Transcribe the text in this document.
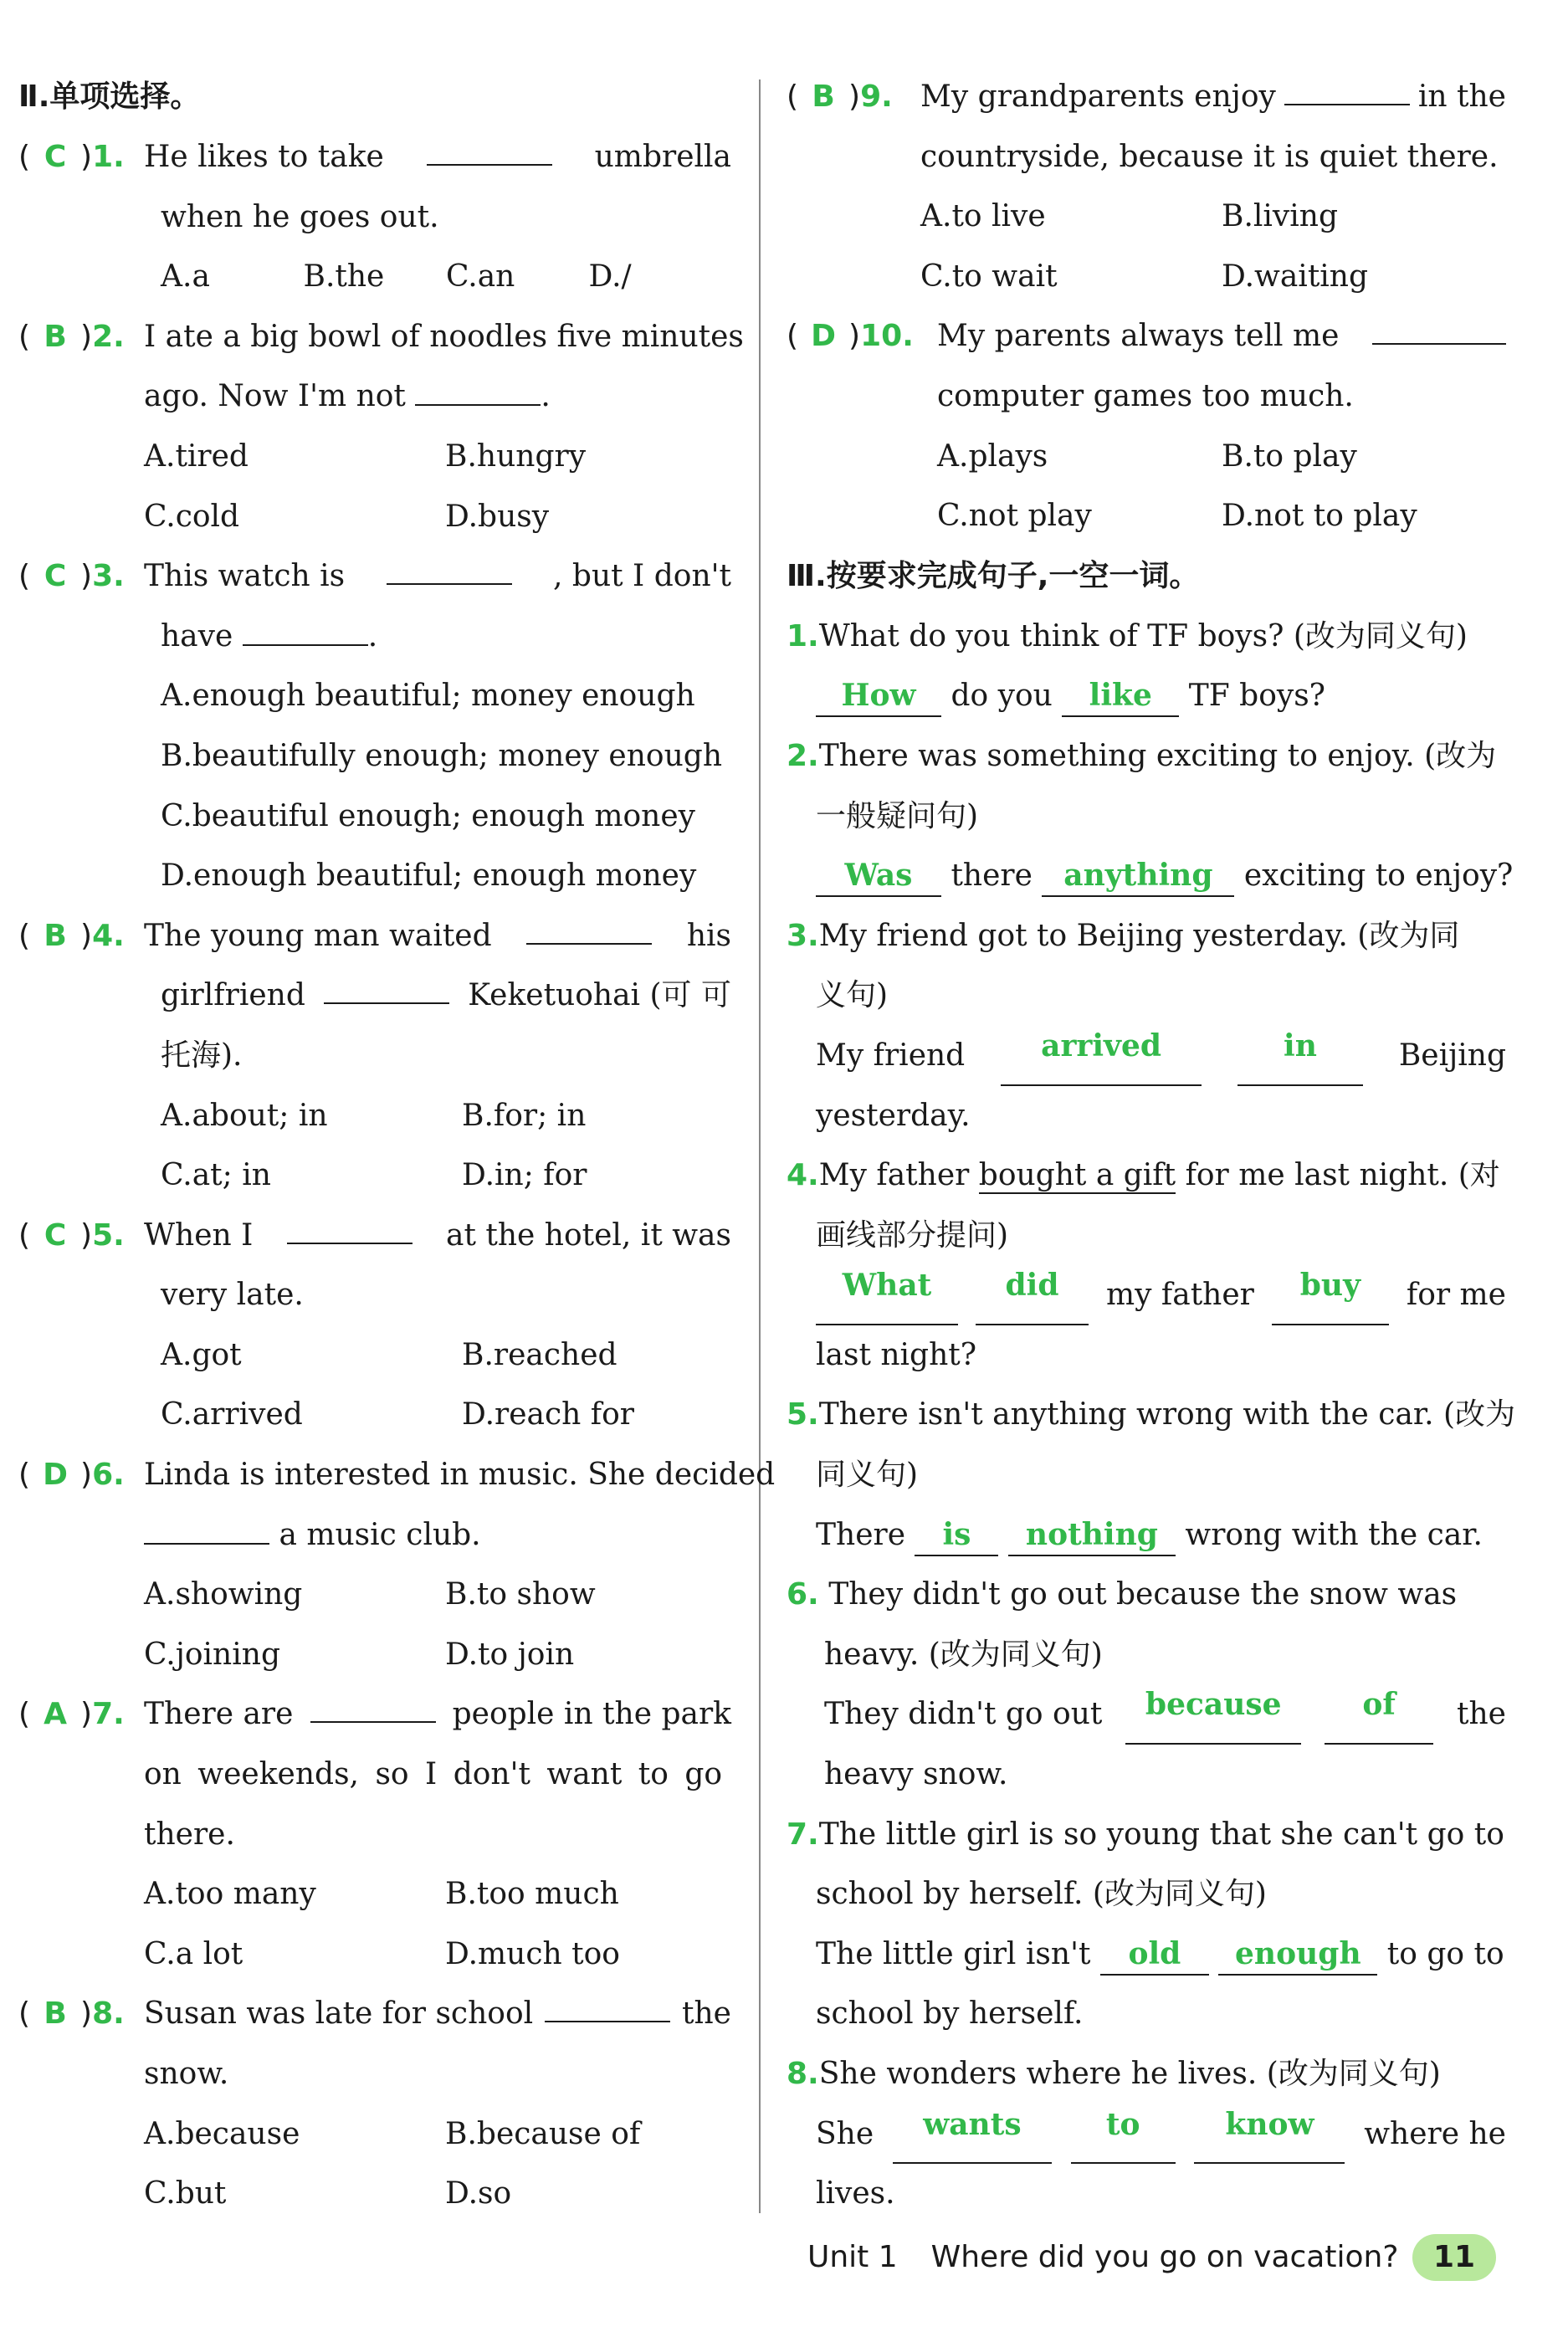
Ⅱ.单项选择。
( C )1. He likes to take	umbrella
when he goes out.
A.a	B.the	C.an	D./
( B )2. I ate a big bowl of noodles five minutes
ago. Now I'm not	.
A.tired	B.hungry
C.cold	D.busy
( C )3. This watch is	, but I don't
have	.
A.enough beautiful; money enough
B.beautifully enough; money enough
C.beautiful enough; enough money
D.enough beautiful; enough money
( B )4. The young man waited	his
girlfriend	Keketuohai (可 可
托海).
A.about; in	B.for; in
C.at; in	D.in; for
( C )5. When I	at the hotel, it was
very late.
A.got	B.reached
C.arrived	D.reach for
( D )6. Linda is interested in music. She decided
a music club.
A.showing	B.to show
C.joining	D.to join
( A )7. There are	people in the park
on weekends, so I don't want to go
there.
A.too many	B.too much
C.a lot	D.much too
( B )8. Susan was late for school	the
snow.
A.because	B.because of
C.but	D.so
( B )9. My grandparents enjoy	in the
countryside, because it is quiet there.
A.to live	B.living
C.to wait	D.waiting
( D )10. My parents always tell me
computer games too much.
A.plays	B.to play
C.not play	D.not to play
Ⅲ.按要求完成句子,一空一词。
1.What do you think of TF boys? (改为同义句)
How do you like TF boys?
2.There was something exciting to enjoy. (改为
一般疑问句)
Was there anything exciting to enjoy?
3.My friend got to Beijing yesterday. (改为同
义句)
My friend	arrived	in	Beijing
yesterday.
4.My father bought a gift for me last night. (对
画线部分提问)
What	did	my father	buy	for me
last night?
5.There isn't anything wrong with the car. (改为
同义句)
There is nothing wrong with the car.
6. They didn't go out because the snow was
heavy. (改为同义句)
They didn't go out	because	of	the
heavy snow.
7.The little girl is so young that she can't go to
school by herself. (改为同义句)
The little girl isn't old enough to go to
school by herself.
8.She wonders where he lives. (改为同义句)
She	wants	to	know	where he
lives.
Unit 1 Where did you go on vacation?	11
